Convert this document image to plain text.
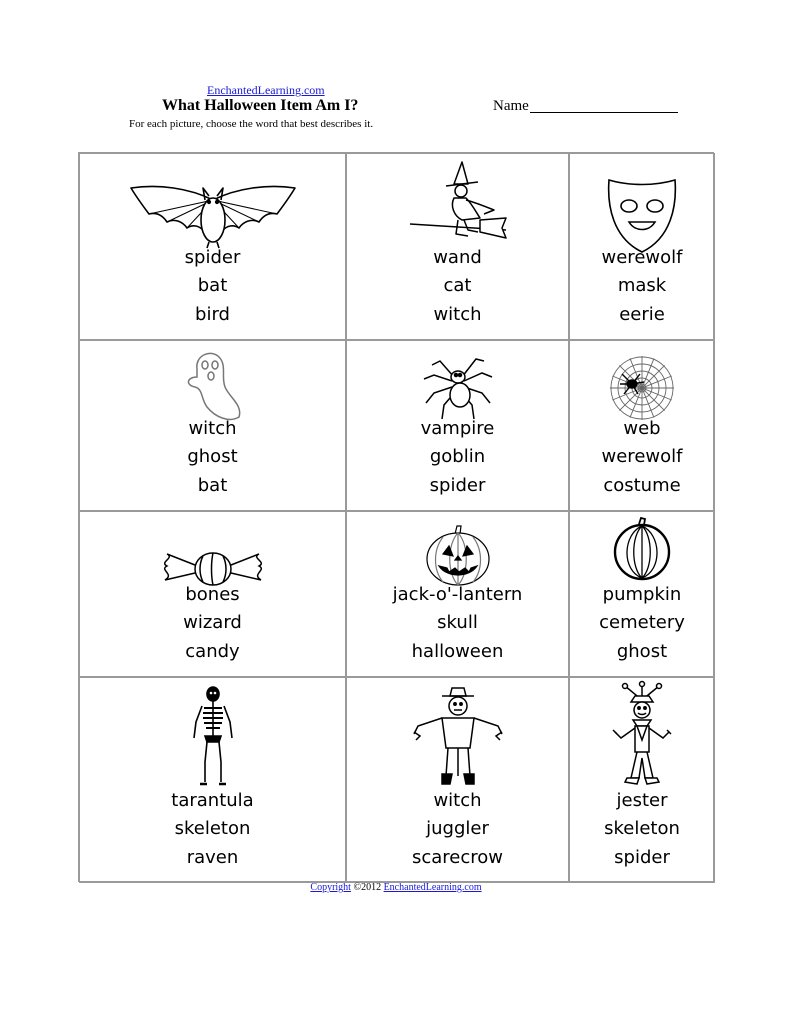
EnchantedLearning.com
What Halloween Item Am I?	Name
For each picture, choose the word that best describes it.
spider
bat
bird
wand
cat
witch
werewolf
mask
eerie
witch
ghost
bat
vampire
goblin
spider
web
werewolf
costume
bones
wizard
candy
jack-o'-lantern
skull
halloween
pumpkin
cemetery
ghost
tarantula
skeleton
raven
witch
juggler
scarecrow
jester
skeleton
spider
Copyright ©2012 EnchantedLearning.com
